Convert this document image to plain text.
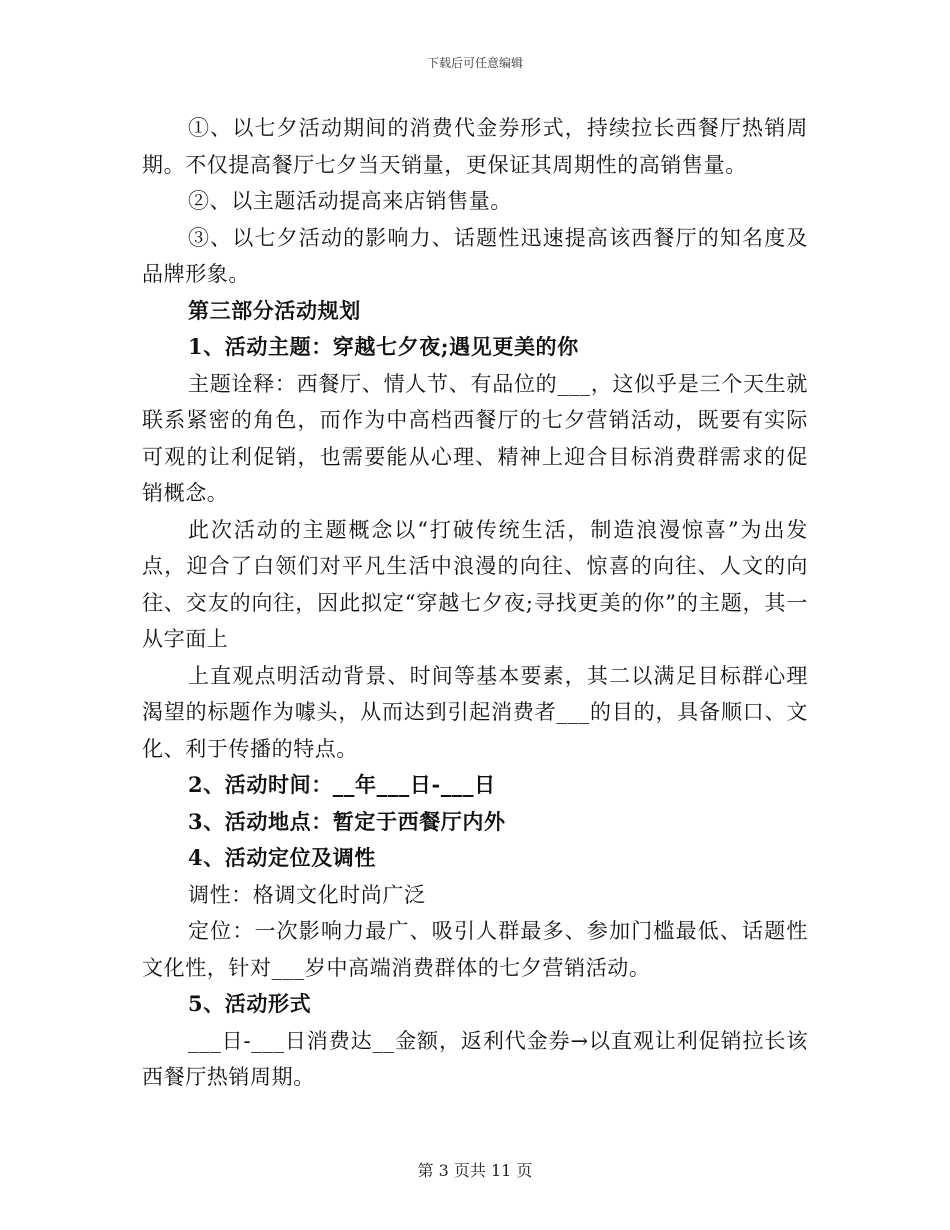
下载后可任意编辑

①、以七夕活动期间的消费代金券形式，持续拉长西餐厅热销周期。不仅提高餐厅七夕当天销量，更保证其周期性的高销售量。

②、以主题活动提高来店销售量。

③、以七夕活动的影响力、话题性迅速提高该西餐厅的知名度及品牌形象。

第三部分活动规划

1、活动主题：穿越七夕夜;遇见更美的你

主题诠释：西餐厅、情人节、有品位的___，这似乎是三个天生就联系紧密的角色，而作为中高档西餐厅的七夕营销活动，既要有实际可观的让利促销，也需要能从心理、精神上迎合目标消费群需求的促销概念。

此次活动的主题概念以“打破传统生活，制造浪漫惊喜”为出发点，迎合了白领们对平凡生活中浪漫的向往、惊喜的向往、人文的向往、交友的向往，因此拟定“穿越七夕夜;寻找更美的你”的主题，其一从字面上

上直观点明活动背景、时间等基本要素，其二以满足目标群心理渴望的标题作为噱头，从而达到引起消费者___的目的，具备顺口、文化、利于传播的特点。

2、活动时间：__年___日-___日

3、活动地点：暂定于西餐厅内外

4、活动定位及调性

调性：格调文化时尚广泛

定位：一次影响力最广、吸引人群最多、参加门槛最低、话题性文化性，针对___岁中高端消费群体的七夕营销活动。

5、活动形式

___日-___日消费达__金额，返利代金券→以直观让利促销拉长该西餐厅热销周期。

第 3 页共 11 页
